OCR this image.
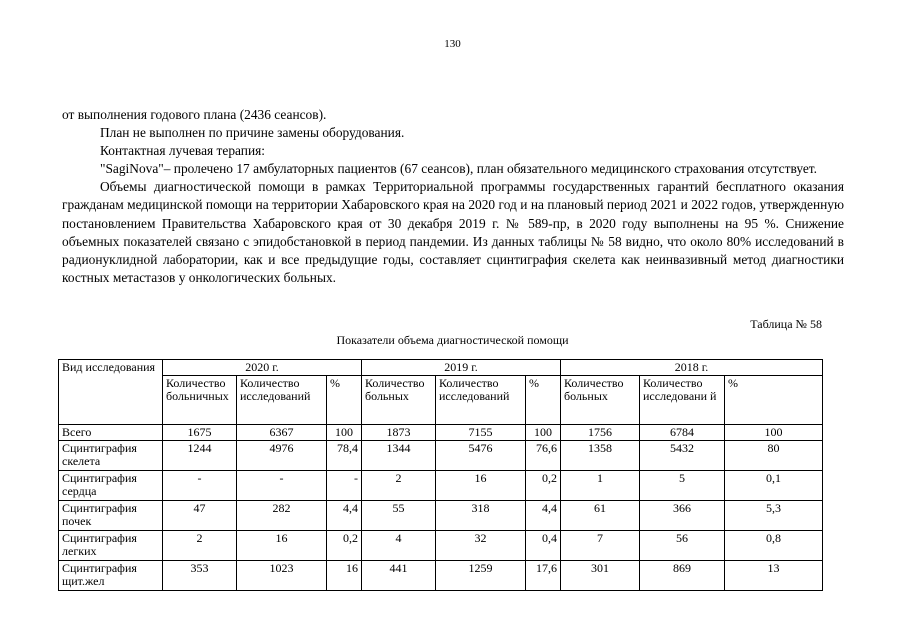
130

от выполнения годового плана (2436 сеансов).

План не выполнен по причине замены оборудования.

Контактная лучевая терапия:

"SagiNova"– пролечено 17 амбулаторных пациентов (67 сеансов), план обязательного медицинского страхования отсутствует.

Объемы диагностической помощи в рамках Территориальной программы государственных гарантий бесплатного оказания гражданам медицинской помощи на территории Хабаровского края на 2020 год и на плановый период 2021 и 2022 годов, утвержденную постановлением Правительства Хабаровского края от 30 декабря 2019 г. № 589-пр, в 2020 году выполнены на 95 %. Снижение объемных показателей связано с эпидобстановкой в период пандемии. Из данных таблицы № 58 видно, что около 80% исследований в радионуклидной лаборатории, как и все предыдущие годы, составляет сцинтиграфия скелета как неинвазивный метод диагностики костных метастазов у онкологических больных.

Таблица № 58
Показатели объема диагностической помощи
Вид исследования	2020 г.			2019 г.			2018 г.		
	Количество больничных	Количество исследований	%	Количество больных	Количество исследований	%	Количество больных	Количество исследовани й	%
Всего	1675	6367	100	1873	7155	100	1756	6784	100
Сцинтиграфия скелета	1244	4976	78,4	1344	5476	76,6	1358	5432	80
Сцинтиграфия сердца	-	-	-	2	16	0,2	1	5	0,1
Сцинтиграфия почек	47	282	4,4	55	318	4,4	61	366	5,3
Сцинтиграфия легких	2	16	0,2	4	32	0,4	7	56	0,8
Сцинтиграфия щит.жел	353	1023	16	441	1259	17,6	301	869	13
